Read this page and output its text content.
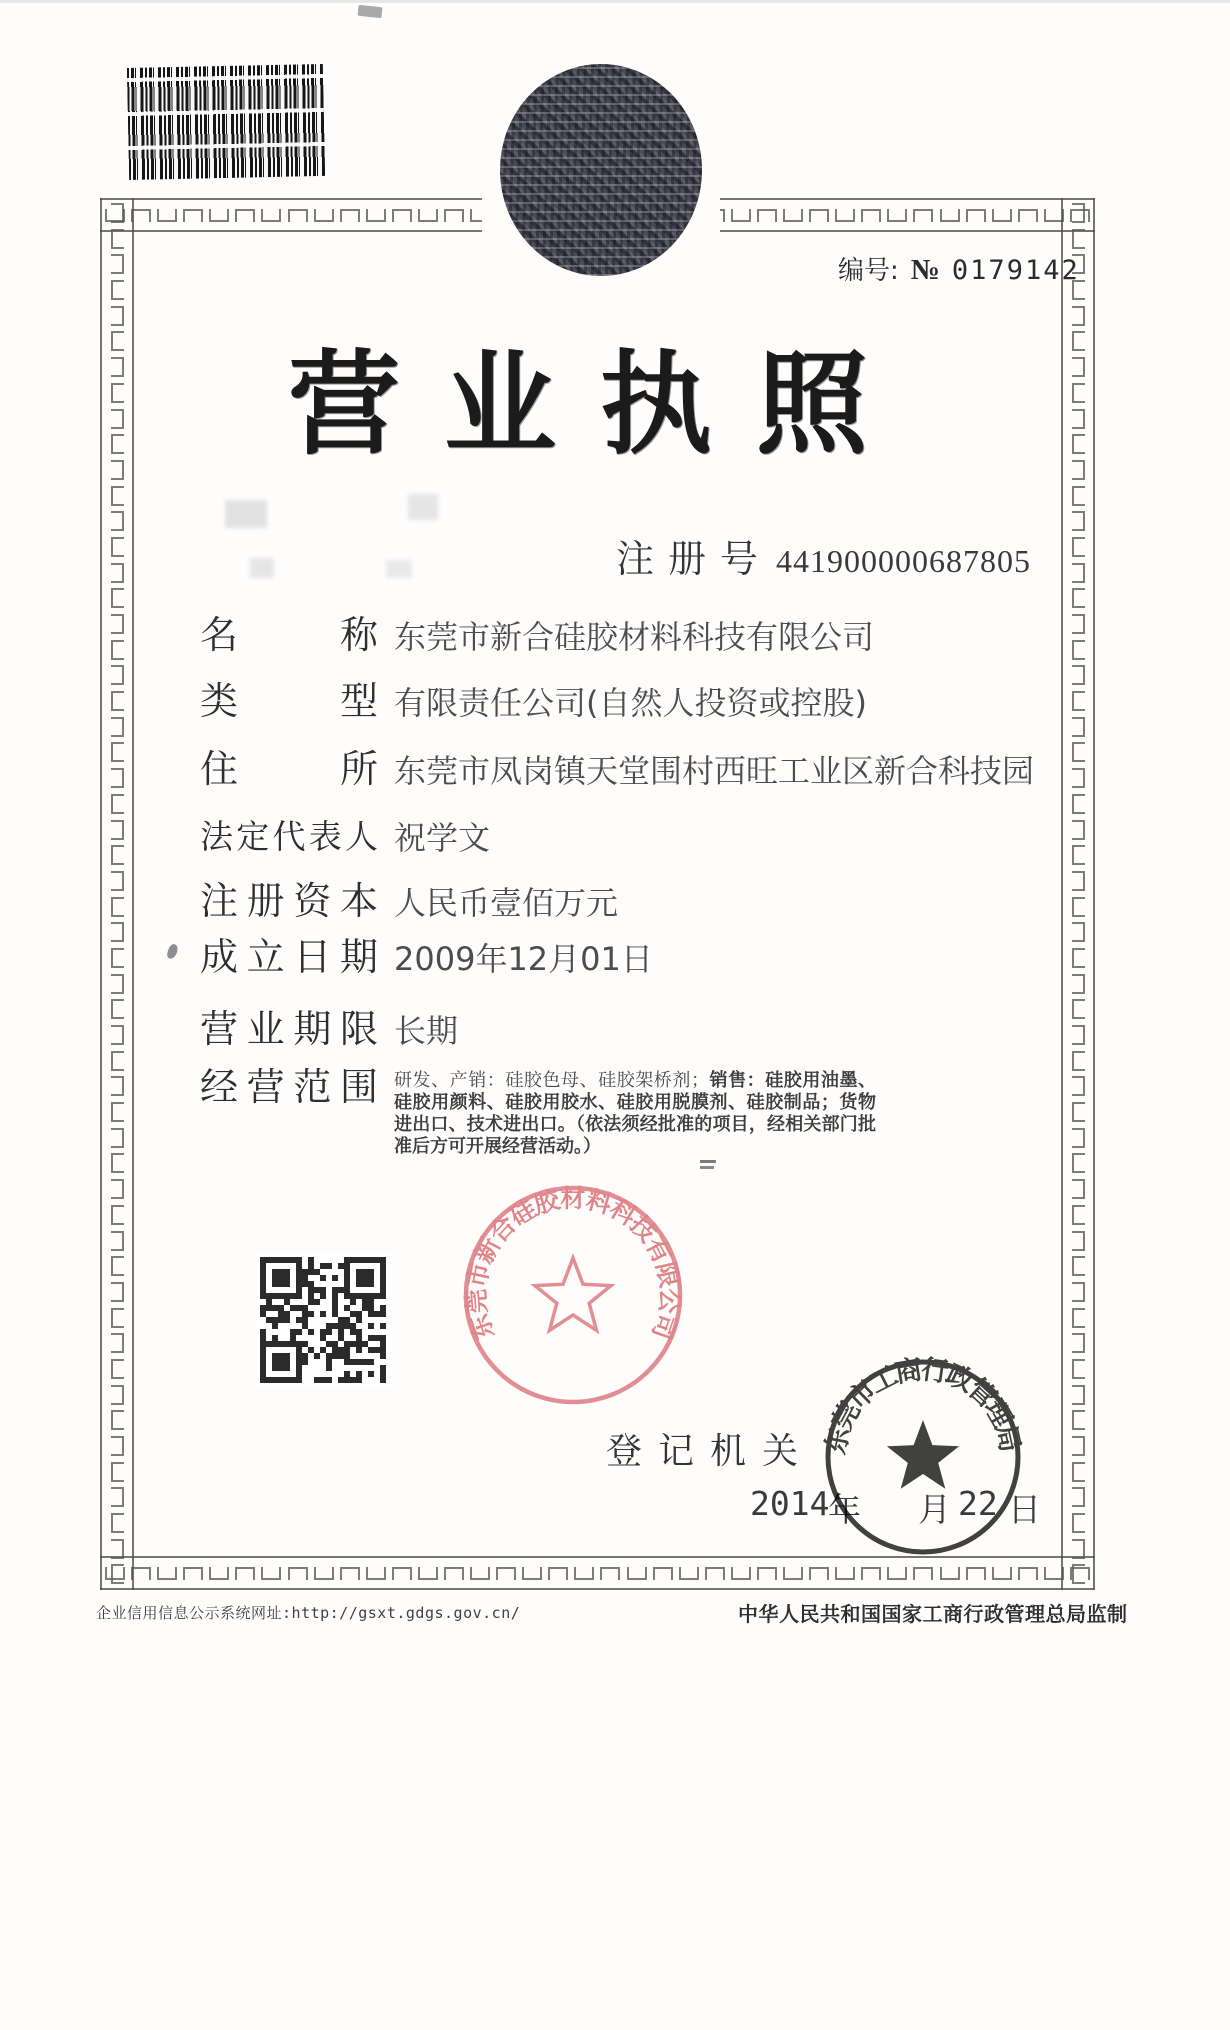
编号: № 0179142
营业执照
注册号 441900000687805
名称 东莞市新合硅胶材料科技有限公司
类型 有限责任公司(自然人投资或控股)
住所 东莞市凤岗镇天堂围村西旺工业区新合科技园
法定代表人 祝学文
注册资本 人民币壹佰万元
成立日期 2009年12月01日
营业期限 长期
经营范围 研发、产销：硅胶色母、硅胶架桥剂；销售：硅胶用油墨、硅胶用颜料、硅胶用胶水、硅胶用脱膜剂、硅胶制品；货物进出口、技术进出口。（依法须经批准的项目，经相关部门批准后方可开展经营活动。）
登记机关
2014
年 月 22 日
东莞市新合硅胶材料科技有限公司
东莞市工商行政管理局
企业信用信息公示系统网址:http://gsxt.gdgs.gov.cn/	中华人民共和国国家工商行政管理总局监制
